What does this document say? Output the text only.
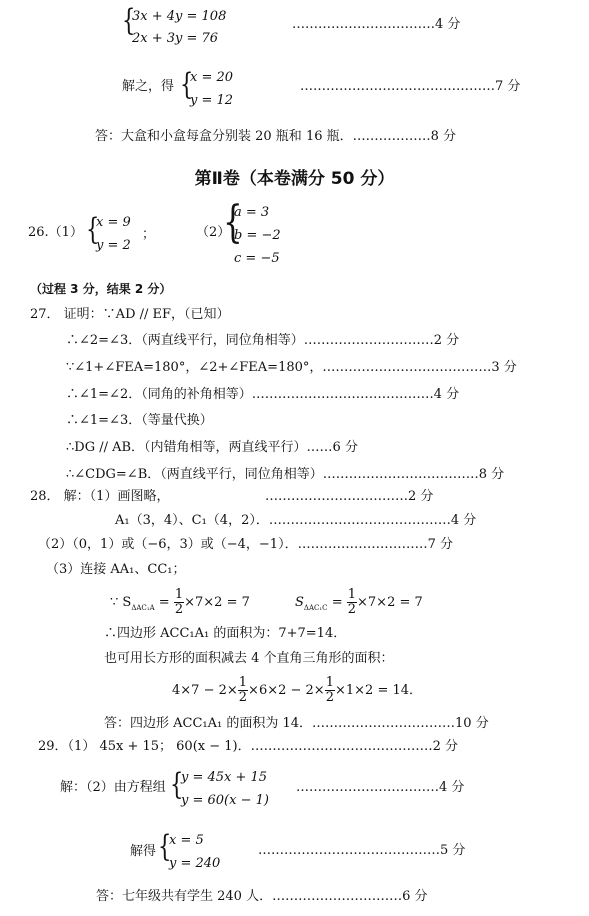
{
3x + 4y = 108
2x + 3y = 76
……………………………4 分
解之，得 {
x = 20
y = 12
………………………………………7 分
答：大盒和小盒每盒分别装 20 瓶和 16 瓶．………………8 分
第Ⅱ卷（本卷满分 50 分）
26.（1） {
x = 9
y = 2
；	（2）
{
a = 3
b = −2
c = −5
（过程 3 分，结果 2 分）
27． 证明：∵AD // EF，（已知）
∴∠2=∠3．（两直线平行，同位角相等）…………………………2 分
∵∠1+∠FEA=180°，∠2+∠FEA=180°，…………………………………3 分
∴∠1=∠2．（同角的补角相等）……………………………………4 分
∴∠1=∠3．（等量代换）
∴DG // AB．（内错角相等，两直线平行）……6 分
∴∠CDG=∠B．（两直线平行，同位角相等）………………………………8 分
28． 解：（1）画图略，	……………………………2 分
A₁（3，4）、C₁（4，2）．……………………………………4 分
（2）（0，1）或（−6，3）或（−4，−1）．…………………………7 分
（3）连接 AA₁、CC₁；
∵ $S_{\Delta AC_1A} = \frac{1}{2} \times 7\times 2 = 7$	$S_{\Delta AC_1C} = \frac{1}{2} \times 7\times 2 = 7$
∴四边形 ACC₁A₁ 的面积为：7+7=14．
也可用长方形的面积减去 4 个直角三角形的面积：
$4\times 7 - 2\times \frac{1}{2} \times 6\times 2 - 2\times \frac{1}{2} \times 1\times 2 = 14$．
答：四边形 ACC₁A₁ 的面积为 14．……………………………10 分
29．（1） 45x + 15； 60(x − 1)．……………………………………2 分
解：（2）由方程组 {
y = 45x + 15
y = 60(x − 1)
……………………………4 分
解得 {
x = 5
y = 240
……………………………………5 分
答：七年级共有学生 240 人．…………………………6 分
